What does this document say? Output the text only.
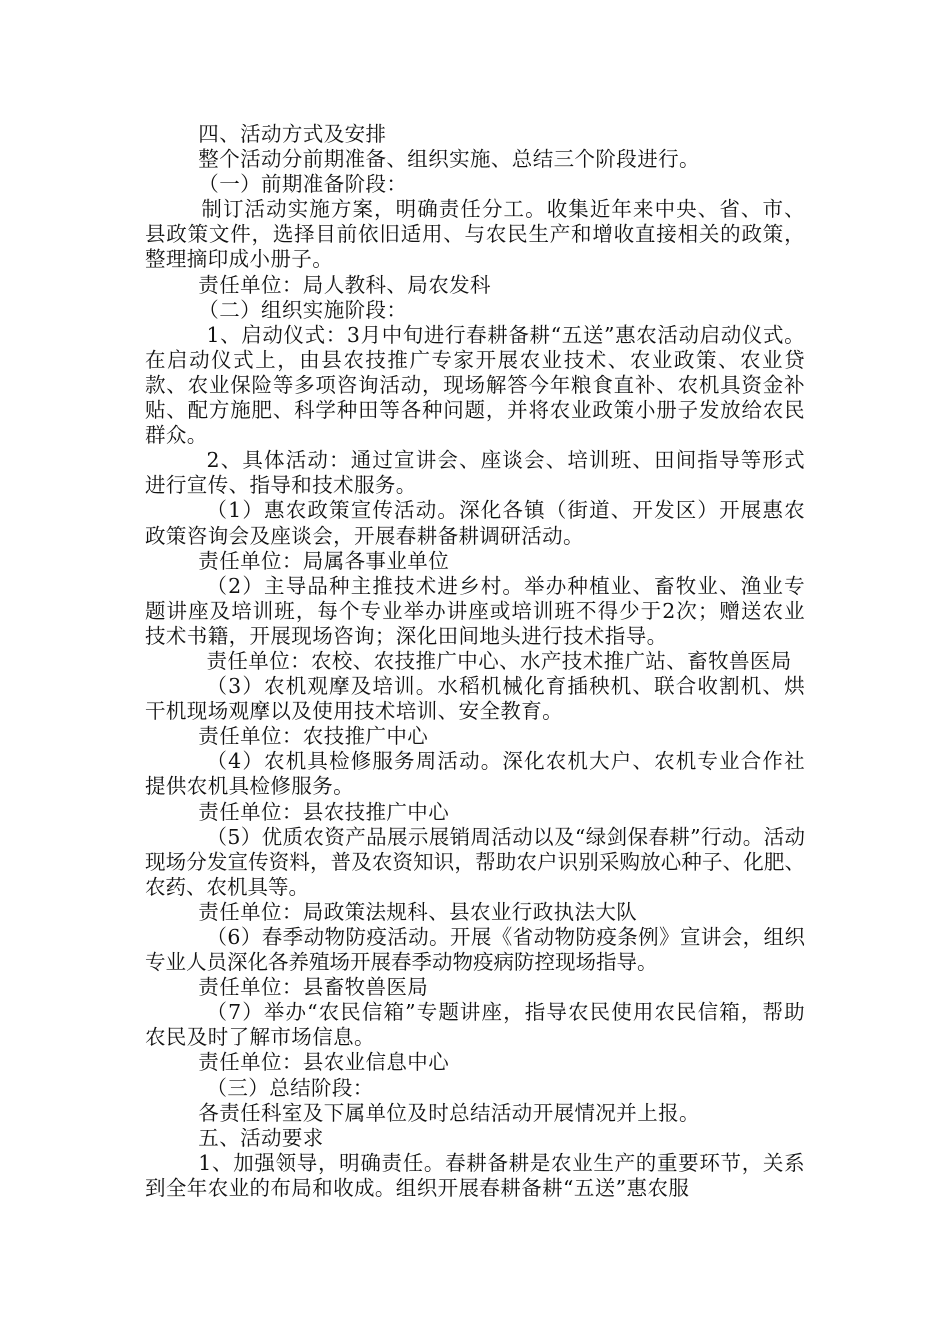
四、活动方式及安排

整个活动分前期准备、组织实施、总结三个阶段进行。

（一）前期准备阶段：

制订活动实施方案，明确责任分工。收集近年来中央、省、市、县政策文件，选择目前依旧适用、与农民生产和增收直接相关的政策，整理摘印成小册子。

责任单位：局人教科、局农发科

（二）组织实施阶段：

1、启动仪式：3月中旬进行春耕备耕“五送”惠农活动启动仪式。在启动仪式上，由县农技推广专家开展农业技术、农业政策、农业贷款、农业保险等多项咨询活动，现场解答今年粮食直补、农机具资金补贴、配方施肥、科学种田等各种问题，并将农业政策小册子发放给农民群众。

2、具体活动：通过宣讲会、座谈会、培训班、田间指导等形式进行宣传、指导和技术服务。

（1）惠农政策宣传活动。深化各镇（街道、开发区）开展惠农政策咨询会及座谈会，开展春耕备耕调研活动。

责任单位：局属各事业单位

（2）主导品种主推技术进乡村。举办种植业、畜牧业、渔业专题讲座及培训班，每个专业举办讲座或培训班不得少于2次；赠送农业技术书籍，开展现场咨询；深化田间地头进行技术指导。

责任单位：农校、农技推广中心、水产技术推广站、畜牧兽医局

（3）农机观摩及培训。水稻机械化育插秧机、联合收割机、烘干机现场观摩以及使用技术培训、安全教育。

责任单位：农技推广中心

（4）农机具检修服务周活动。深化农机大户、农机专业合作社提供农机具检修服务。

责任单位：县农技推广中心

（5）优质农资产品展示展销周活动以及“绿剑保春耕”行动。活动现场分发宣传资料，普及农资知识，帮助农户识别采购放心种子、化肥、农药、农机具等。

责任单位：局政策法规科、县农业行政执法大队

（6）春季动物防疫活动。开展《省动物防疫条例》宣讲会，组织专业人员深化各养殖场开展春季动物疫病防控现场指导。

责任单位：县畜牧兽医局

（7）举办“农民信箱”专题讲座，指导农民使用农民信箱，帮助农民及时了解市场信息。

责任单位：县农业信息中心

（三）总结阶段：

各责任科室及下属单位及时总结活动开展情况并上报。

五、活动要求

1、加强领导，明确责任。春耕备耕是农业生产的重要环节，关系到全年农业的布局和收成。组织开展春耕备耕“五送”惠农服
